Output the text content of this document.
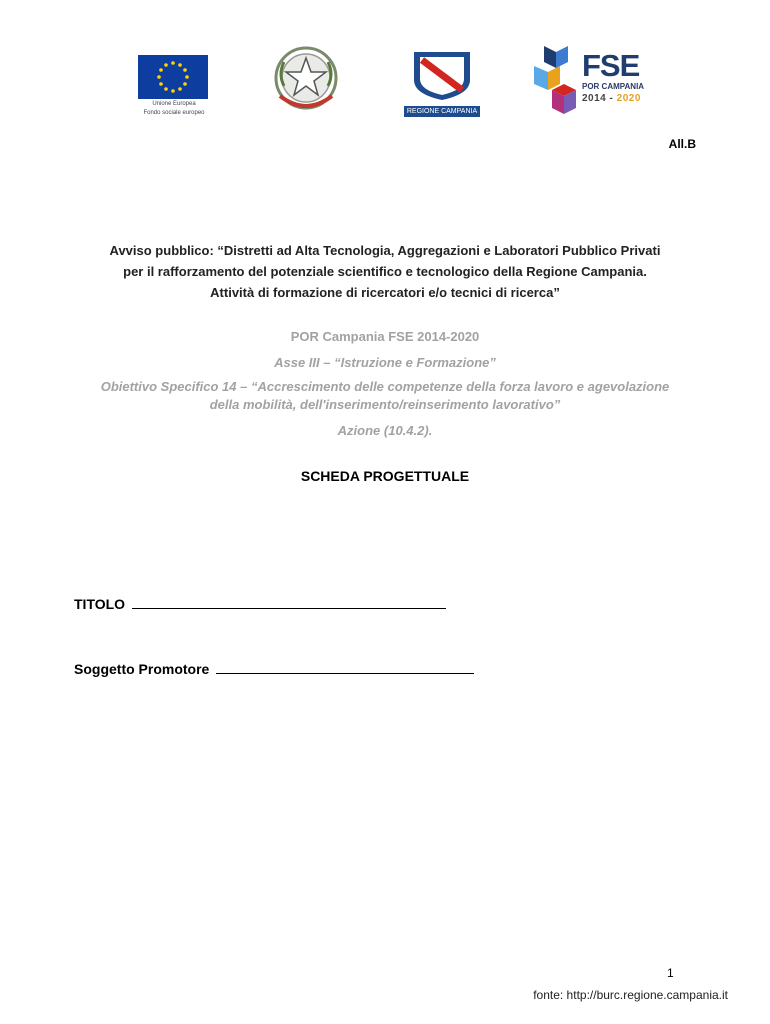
Unione Europea
Fondo sociale europeo	REGIONE CAMPANIA
FSE
POR CAMPANIA
2014 - 2020
All.B
Avviso pubblico: “Distretti ad Alta Tecnologia, Aggregazioni e Laboratori Pubblico Privati
per il rafforzamento del potenziale scientifico e tecnologico della Regione Campania.
Attività di formazione di ricercatori e/o tecnici di ricerca”
POR Campania FSE 2014-2020
Asse III – “Istruzione e Formazione”
Obiettivo Specifico 14 – “Accrescimento delle competenze della forza lavoro e agevolazione
della mobilità, dell'inserimento/reinserimento lavorativo”
Azione (10.4.2).
SCHEDA PROGETTUALE
TITOLO
Soggetto Promotore
1
fonte: http://burc.regione.campania.it
